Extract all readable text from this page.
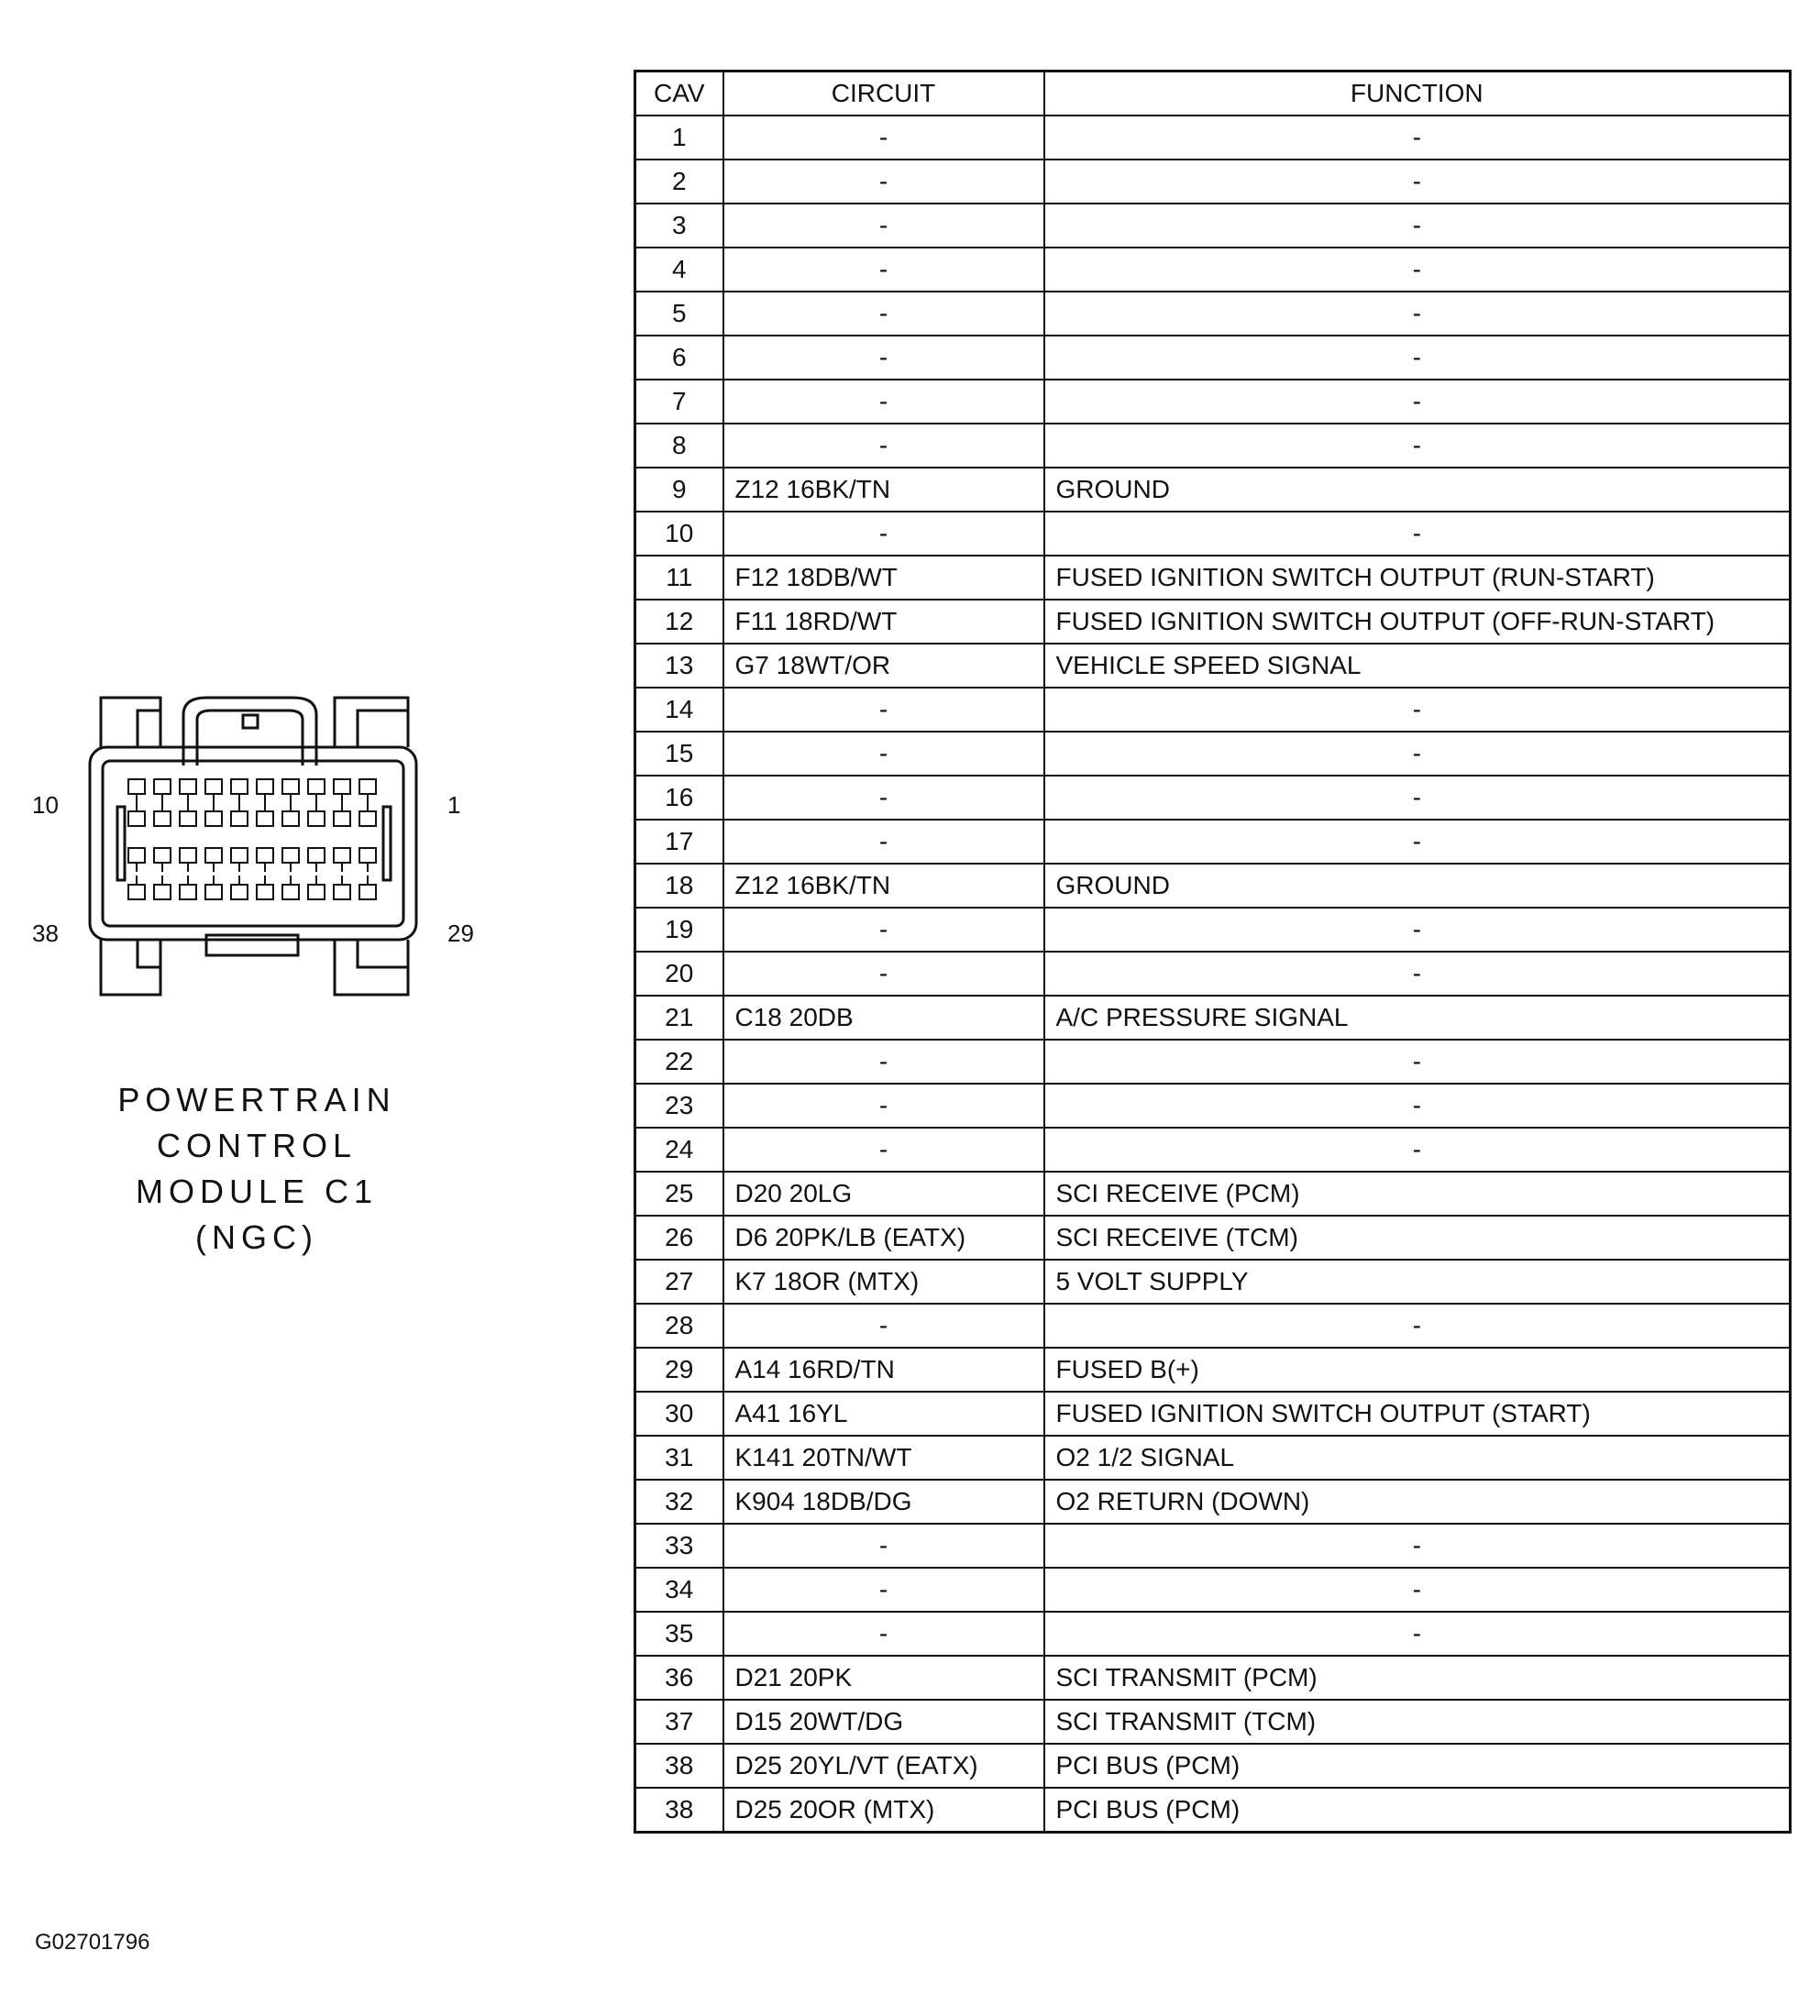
10	1
38	29
POWERTRAIN
CONTROL
MODULE C1
(NGC)
CAV	CIRCUIT	FUNCTION
1	-	-
2	-	-
3	-	-
4	-	-
5	-	-
6	-	-
7	-	-
8	-	-
9	Z12 16BK/TN	GROUND
10	-	-
11	F12 18DB/WT	FUSED IGNITION SWITCH OUTPUT (RUN-START)
12	F11 18RD/WT	FUSED IGNITION SWITCH OUTPUT (OFF-RUN-START)
13	G7 18WT/OR	VEHICLE SPEED SIGNAL
14	-	-
15	-	-
16	-	-
17	-	-
18	Z12 16BK/TN	GROUND
19	-	-
20	-	-
21	C18 20DB	A/C PRESSURE SIGNAL
22	-	-
23	-	-
24	-	-
25	D20 20LG	SCI RECEIVE (PCM)
26	D6 20PK/LB (EATX)	SCI RECEIVE (TCM)
27	K7 18OR (MTX)	5 VOLT SUPPLY
28	-	-
29	A14 16RD/TN	FUSED B(+)
30	A41 16YL	FUSED IGNITION SWITCH OUTPUT (START)
31	K141 20TN/WT	O2 1/2 SIGNAL
32	K904 18DB/DG	O2 RETURN (DOWN)
33	-	-
34	-	-
35	-	-
36	D21 20PK	SCI TRANSMIT (PCM)
37	D15 20WT/DG	SCI TRANSMIT (TCM)
38	D25 20YL/VT (EATX)	PCI BUS (PCM)
38	D25 20OR (MTX)	PCI BUS (PCM)
G02701796
